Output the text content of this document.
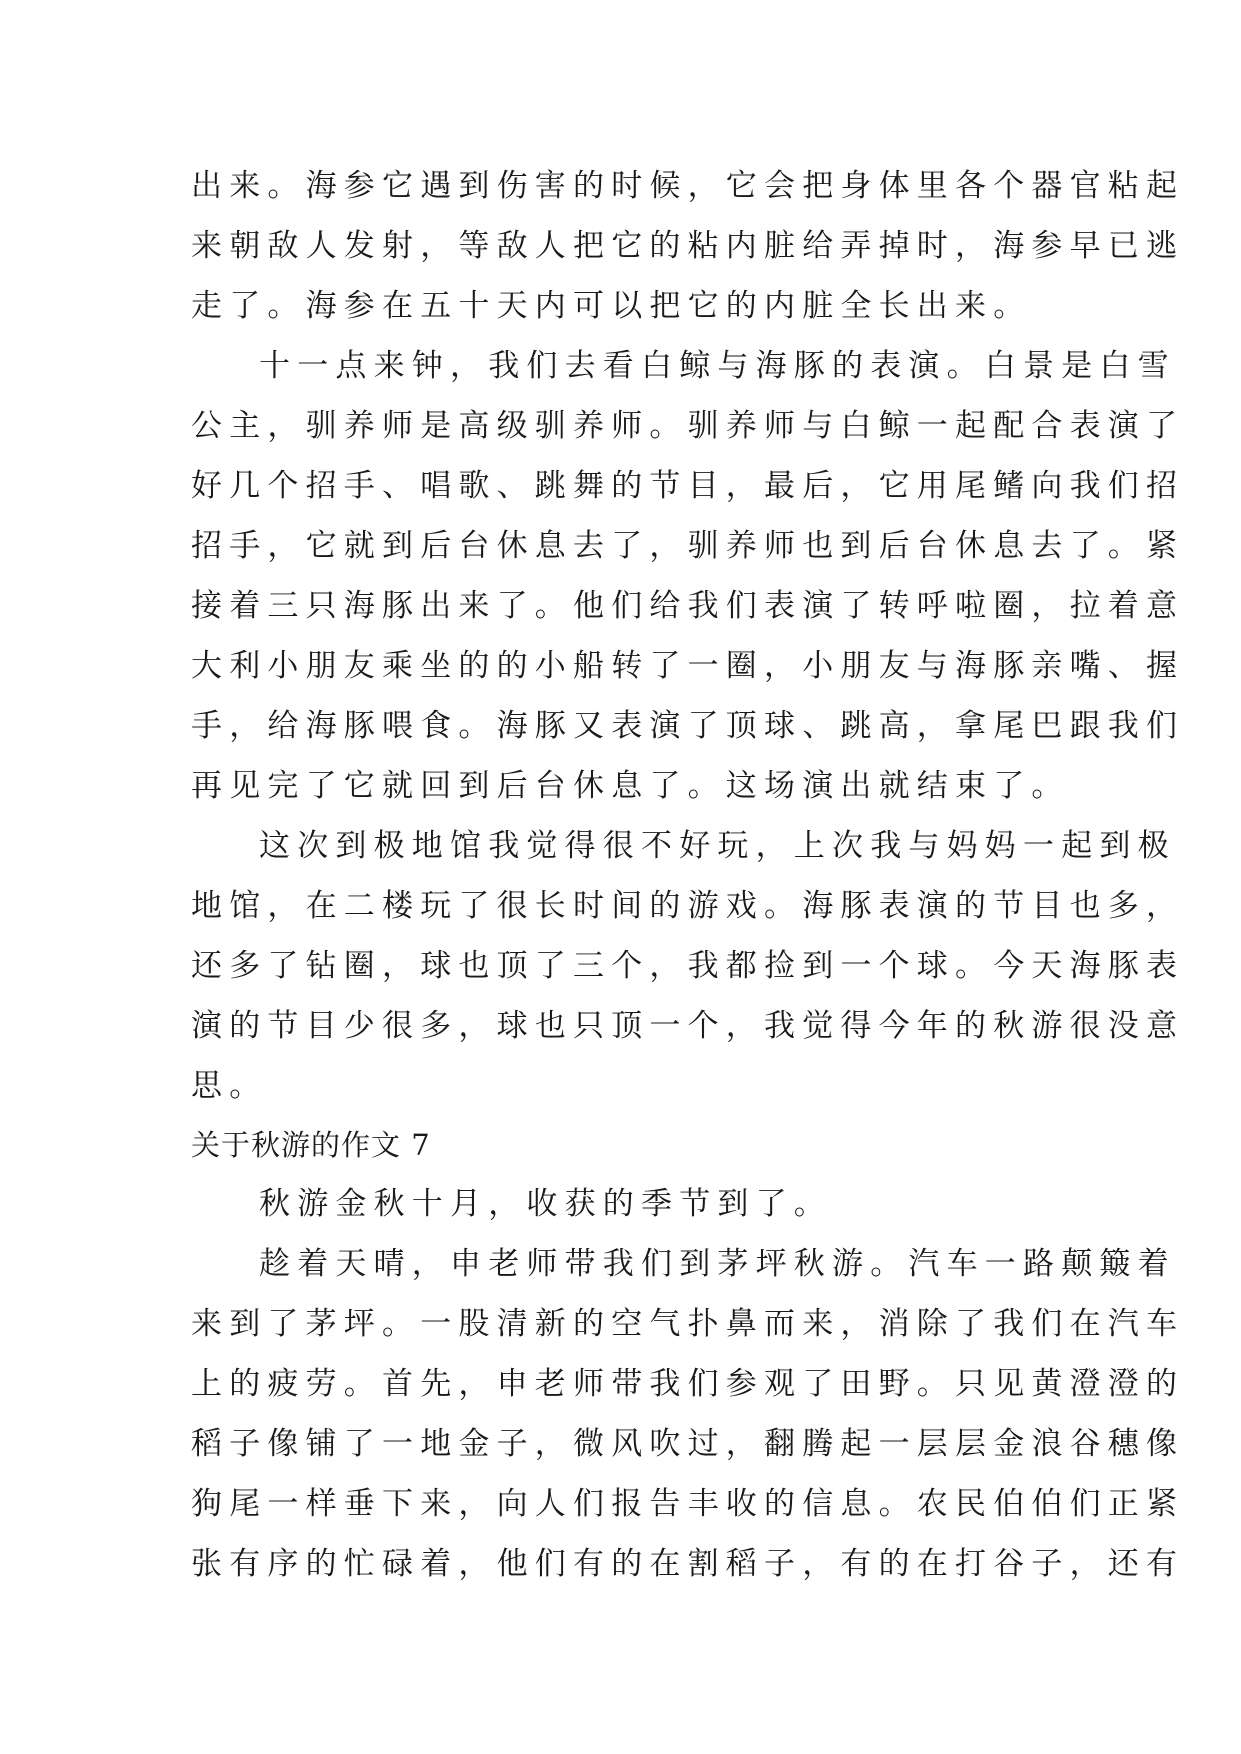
出来。海参它遇到伤害的时候，它会把身体里各个器官粘起
来朝敌人发射，等敌人把它的粘内脏给弄掉时，海参早已逃
走了。海参在五十天内可以把它的内脏全长出来。
十一点来钟，我们去看白鲸与海豚的表演。白景是白雪
公主，驯养师是高级驯养师。驯养师与白鲸一起配合表演了
好几个招手、唱歌、跳舞的节目，最后，它用尾鳍向我们招
招手，它就到后台休息去了，驯养师也到后台休息去了。紧
接着三只海豚出来了。他们给我们表演了转呼啦圈，拉着意
大利小朋友乘坐的的小船转了一圈，小朋友与海豚亲嘴、握
手，给海豚喂食。海豚又表演了顶球、跳高，拿尾巴跟我们
再见完了它就回到后台休息了。这场演出就结束了。
这次到极地馆我觉得很不好玩，上次我与妈妈一起到极
地馆，在二楼玩了很长时间的游戏。海豚表演的节目也多，
还多了钻圈，球也顶了三个，我都捡到一个球。今天海豚表
演的节目少很多，球也只顶一个，我觉得今年的秋游很没意
思。
关于秋游的作文 7
秋游金秋十月，收获的季节到了。
趁着天晴，申老师带我们到茅坪秋游。汽车一路颠簸着
来到了茅坪。一股清新的空气扑鼻而来，消除了我们在汽车
上的疲劳。首先，申老师带我们参观了田野。只见黄澄澄的
稻子像铺了一地金子，微风吹过，翻腾起一层层金浪谷穗像
狗尾一样垂下来，向人们报告丰收的信息。农民伯伯们正紧
张有序的忙碌着，他们有的在割稻子，有的在打谷子，还有
